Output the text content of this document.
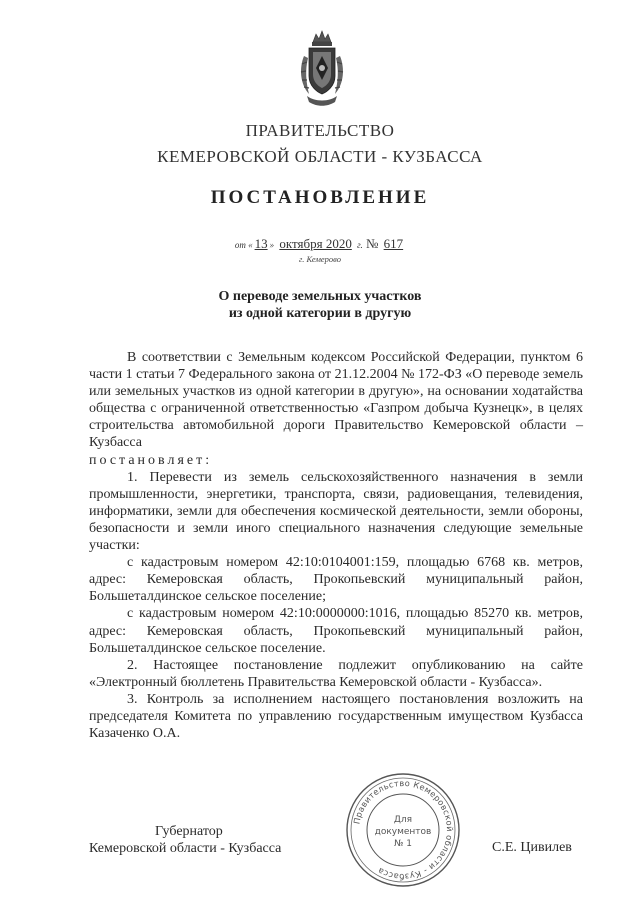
ПРАВИТЕЛЬСТВО
КЕМЕРОВСКОЙ ОБЛАСТИ - КУЗБАССА
ПОСТАНОВЛЕНИЕ
от « 13 » октября 2020 г. № 617
г. Кемерово
О переводе земельных участков
из одной категории в другую

В соответствии с Земельным кодексом Российской Федерации, пунктом 6 части 1 статьи 7 Федерального закона от 21.12.2004 № 172-ФЗ «О переводе земель или земельных участков из одной категории в другую», на основании ходатайства общества с ограниченной ответственностью «Газпром добыча Кузнецк», в целях строительства автомобильной дороги Правительство Кемеровской области – Кузбасса

постановляет:

1. Перевести из земель сельскохозяйственного назначения в земли промышленности, энергетики, транспорта, связи, радиовещания, телевидения, информатики, земли для обеспечения космической деятельности, земли обороны, безопасности и земли иного специального назначения следующие земельные участки:

с кадастровым номером 42:10:0104001:159, площадью 6768 кв. метров, адрес: Кемеровская область, Прокопьевский муниципальный район, Большеталдинское сельское поселение;

с кадастровым номером 42:10:0000000:1016, площадью 85270 кв. метров, адрес: Кемеровская область, Прокопьевский муниципальный район, Большеталдинское сельское поселение.

2. Настоящее постановление подлежит опубликованию на сайте «Электронный бюллетень Правительства Кемеровской области - Кузбасса».

3. Контроль за исполнением настоящего постановления возложить на председателя Комитета по управлению государственным имуществом Кузбасса Казаченко О.А.

Губернатор
Кемеровской области - Кузбасса
Правительство Кемеровской области - Кузбасса
Для
документов
№ 1	С.Е. Цивилев
